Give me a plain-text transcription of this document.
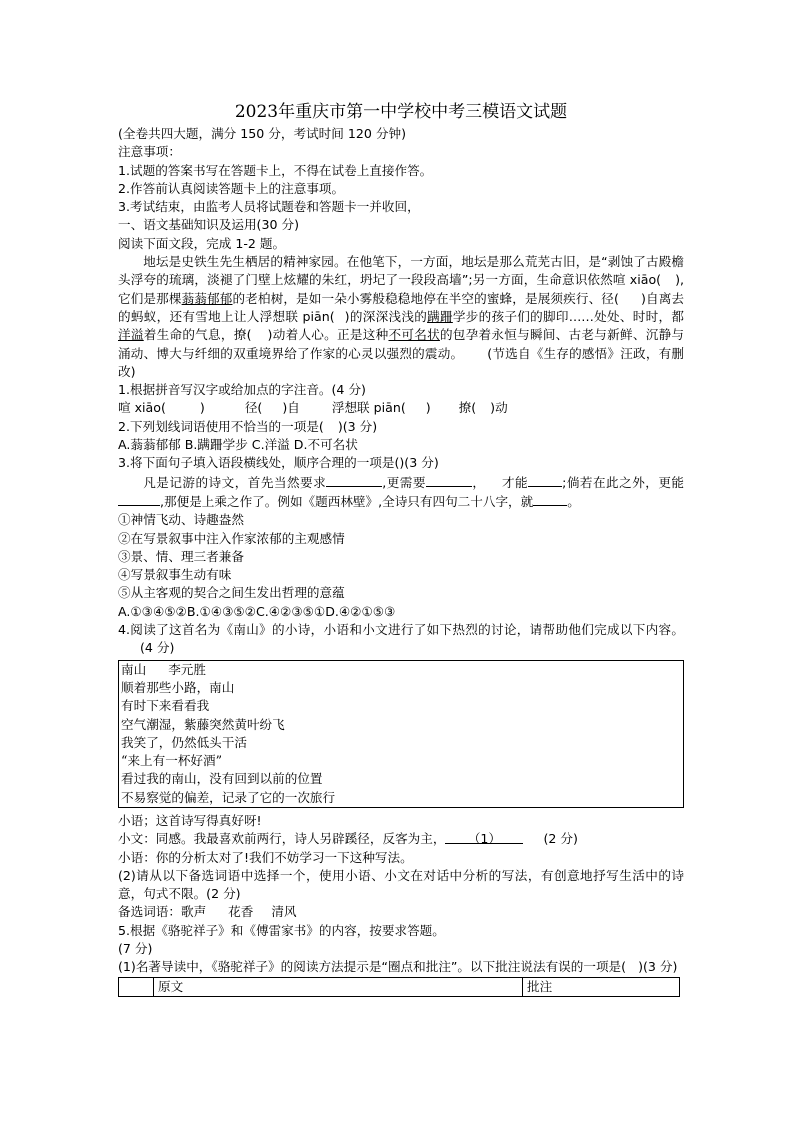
2023年重庆市第一中学校中考三模语文试题
(全卷共四大题，满分 150 分，考试时间 120 分钟)
注意事项：
1.试题的答案书写在答题卡上，不得在试卷上直接作答。
2.作答前认真阅读答题卡上的注意事项。
3.考试结束，由监考人员将试题卷和答题卡一并收回，
一、语文基础知识及运用(30 分)
阅读下面文段，完成 1-2 题。
地坛是史铁生先生栖居的精神家园。在他笔下，一方面，地坛是那么荒芜古旧，是“剥蚀了古殿檐头浮夸的琉璃，淡褪了门壁上炫耀的朱红，坍圮了一段段高墙”;另一方面，生命意识依然喧 xiāo( ),它们是那棵蓊蓊郁郁的老柏树，是如一朵小雾般稳稳地停在半空的蜜蜂，是展须疾行、径( )自离去的蚂蚁，还有雪地上让人浮想联 piān( )的深深浅浅的蹒跚学步的孩子们的脚印……处处、时时，都洋溢着生命的气息，撩( )动着人心。正是这种不可名状的包孕着永恒与瞬间、古老与新鲜、沉静与涌动、博大与纤细的双重境界给了作家的心灵以强烈的震动。 (节选自《生存的感悟》汪政，有删改)
1.根据拼音写汉字或给加点的字注音。(4 分)
喧 xiāo(	)	径( )自	浮想联 piān( ) 撩( )动
2.下列划线词语使用不恰当的一项是( )(3 分)
A.蓊蓊郁郁 B.蹒跚学步 C.洋溢 D.不可名状
3.将下面句子填入语段横线处，顺序合理的一项是()(3 分)
凡是记游的诗文，首先当然要求	,更需要	， 才能	;倘若在此之外，更能,那便是上乘之作了。例如《题西林壁》,全诗只有四句二十八字，就	。
①神情飞动、诗趣盎然
②在写景叙事中注入作家浓郁的主观感情
③景、情、理三者兼备
④写景叙事生动有味
⑤从主客观的契合之间生发出哲理的意蕴
A.①③④⑤②B.①④③⑤②C.④②③⑤①D.④②①⑤③
4.阅读了这首名为《南山》的小诗，小语和小文进行了如下热烈的讨论，请帮助他们完成以下内容。(4 分)
南山 李元胜
顺着那些小路，南山
有时下来看看我
空气潮湿，紫藤突然黄叶纷飞
我笑了，仍然低头干活
“来上有一杯好酒”
看过我的南山，没有回到以前的位置
不易察觉的偏差，记录了它的一次旅行
小语；这首诗写得真好呀!
小文：同感。我最喜欢前两行，诗人另辟蹊径，反客为主， （1）	(2 分)
小语：你的分析太对了!我们不妨学习一下这种写法。
(2)请从以下备选词语中选择一个，使用小语、小文在对话中分析的写法，有创意地抒写生活中的诗意，句式不限。(2 分)
备选词语：歌声 花香 清风
5.根据《骆驼祥子》和《傅雷家书》的内容，按要求答题。
(7 分)
(1)名著导读中，《骆驼祥子》的阅读方法提示是“圈点和批注”。以下批注说法有误的一项是( )(3 分)
	原文	批注
